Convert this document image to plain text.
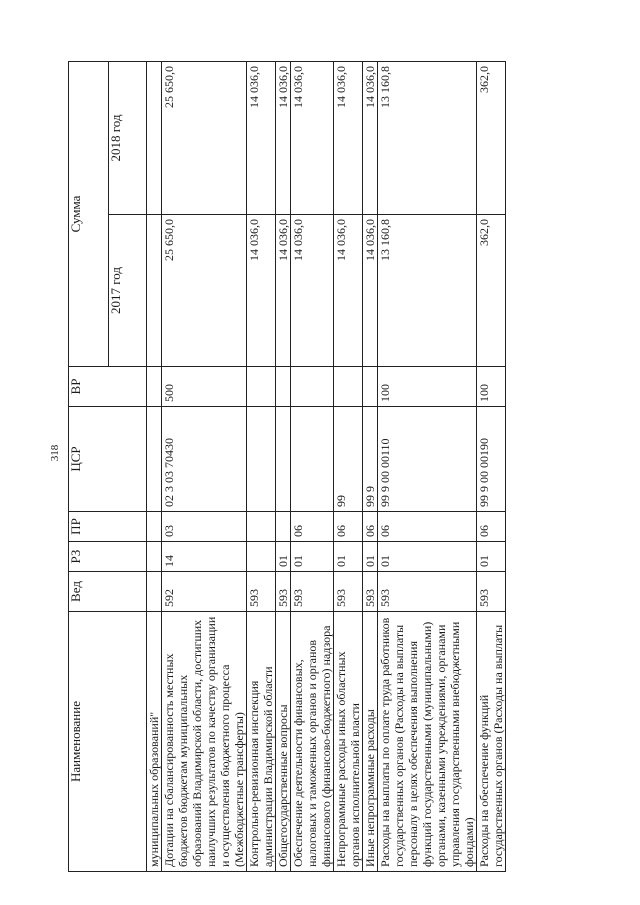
318
Наименование	Вед	РЗ	ПР	ЦСР	ВР	Сумма	
						2017 год	2018 год
муниципальных образований"							
Дотации на сбалансированность местных бюджетов бюджетам муниципальных образований Владимирской области, достигших наилучших результатов по качеству организации и осуществления бюджетного процесса (Межбюджетные трансферты)	592	14	03	02 3 03 70430	500	25 650,0	25 650,0
Контрольно-ревизионная инспекция администрации Владимирской области	593					14 036,0	14 036,0
Общегосударственные вопросы	593	01				14 036,0	14 036,0
Обеспечение деятельности финансовых, налоговых и таможенных органов и органов финансового (финансово-бюджетного) надзора	593	01	06			14 036,0	14 036,0
Непрограммные расходы иных областных органов исполнительной власти	593	01	06	99		14 036,0	14 036,0
Иные непрограммные расходы	593	01	06	99 9		14 036,0	14 036,0
Расходы на выплаты по оплате труда работников государственных органов (Расходы на выплаты персоналу в целях обеспечения выполнения функций государственными (муниципальными) органами, казенными учреждениями, органами управления государственными внебюджетными фондами)	593	01	06	99 9 00 00110	100	13 160,8	13 160,8
Расходы на обеспечение функций государственных органов (Расходы на выплаты	593	01	06	99 9 00 00190	100	362,0	362,0
